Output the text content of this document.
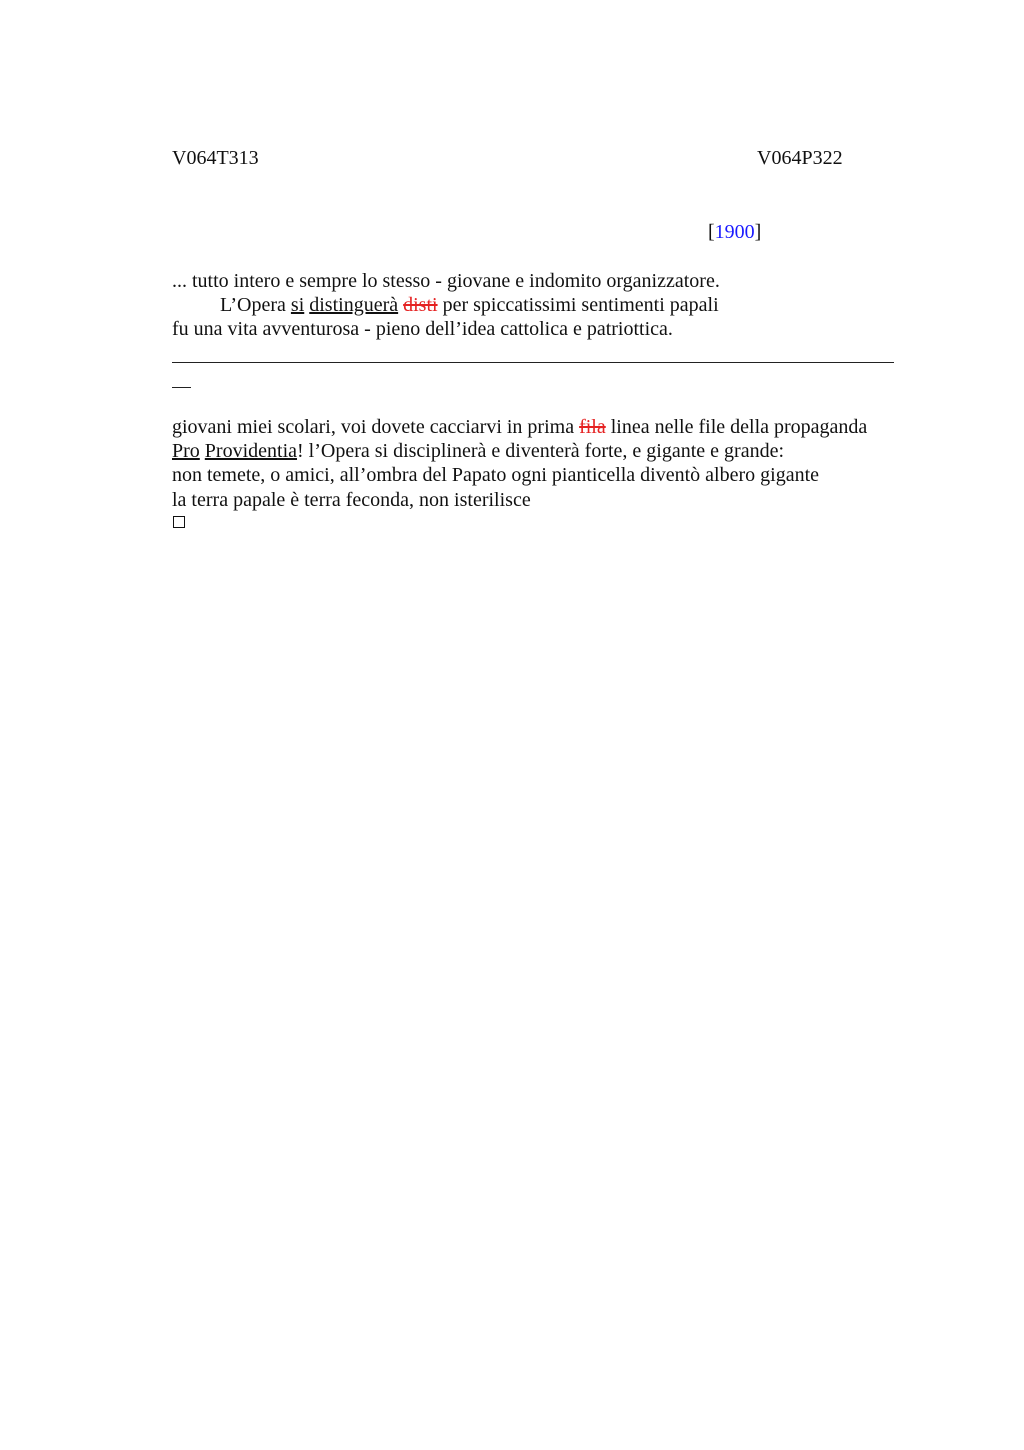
V064T313	V064P322
[1900]
... tutto intero e sempre lo stesso - giovane e indomito organizzatore.
L’Opera si distinguerà disti per spiccatissimi sentimenti papali
fu una vita avventurosa - pieno dell’idea cattolica e patriottica.
giovani miei scolari, voi dovete cacciarvi in prima fila linea nelle file della propaganda
Pro Providentia! l’Opera si disciplinerà e diventerà forte, e gigante e grande:
non temete, o amici, all’ombra del Papato ogni pianticella diventò albero gigante
la terra papale è terra feconda, non isterilisce
